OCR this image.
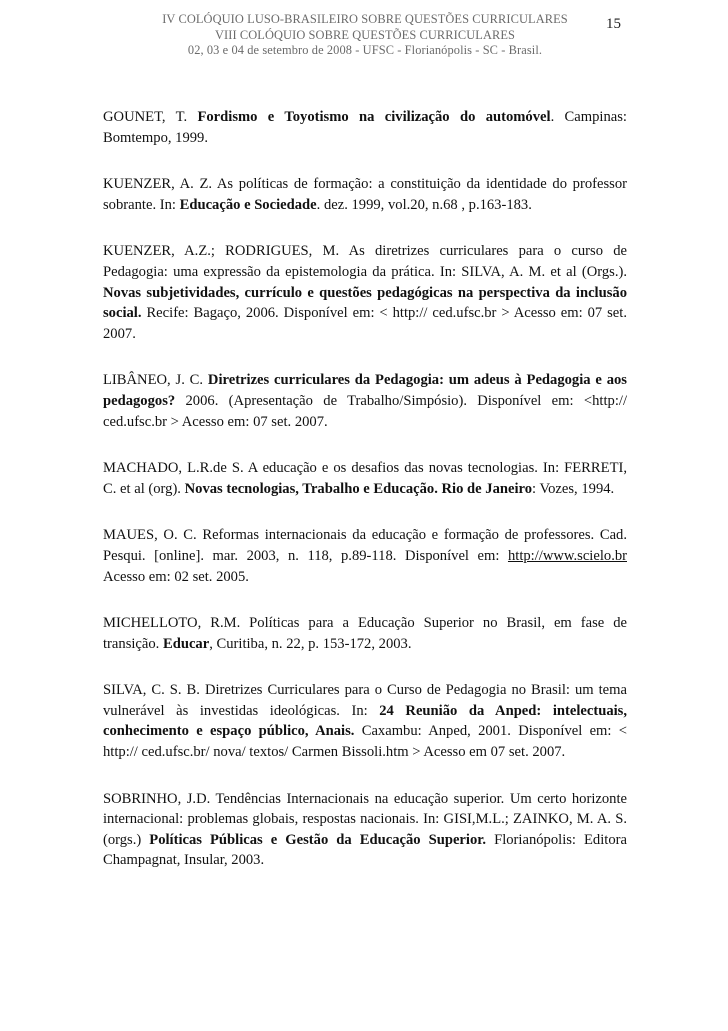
IV COLÓQUIO LUSO-BRASILEIRO SOBRE QUESTÕES CURRICULARES
VIII COLÓQUIO SOBRE QUESTÕES CURRICULARES
02, 03 e 04 de setembro de 2008 - UFSC - Florianópolis - SC - Brasil.
15

GOUNET, T. Fordismo e Toyotismo na civilização do automóvel. Campinas: Bomtempo, 1999.

KUENZER, A. Z. As políticas de formação: a constituição da identidade do professor sobrante. In: Educação e Sociedade. dez. 1999, vol.20, n.68 , p.163-183.

KUENZER, A.Z.; RODRIGUES, M. As diretrizes curriculares para o curso de Pedagogia: uma expressão da epistemologia da prática. In: SILVA, A. M. et al (Orgs.). Novas subjetividades, currículo e questões pedagógicas na perspectiva da inclusão social. Recife: Bagaço, 2006. Disponível em: < http:// ced.ufsc.br > Acesso em: 07 set. 2007.

LIBÂNEO, J. C. Diretrizes curriculares da Pedagogia: um adeus à Pedagogia e aos pedagogos? 2006. (Apresentação de Trabalho/Simpósio). Disponível em: <http:// ced.ufsc.br > Acesso em: 07 set. 2007.

MACHADO, L.R.de S. A educação e os desafios das novas tecnologias. In: FERRETI, C. et al (org). Novas tecnologias, Trabalho e Educação. Rio de Janeiro: Vozes, 1994.

MAUES, O. C. Reformas internacionais da educação e formação de professores. Cad. Pesqui. [online]. mar. 2003, n. 118, p.89-118. Disponível em: http://www.scielo.br Acesso em: 02 set. 2005.

MICHELLOTO, R.M. Políticas para a Educação Superior no Brasil, em fase de transição. Educar, Curitiba, n. 22, p. 153-172, 2003.

SILVA, C. S. B. Diretrizes Curriculares para o Curso de Pedagogia no Brasil: um tema vulnerável às investidas ideológicas. In: 24 Reunião da Anped: intelectuais, conhecimento e espaço público, Anais. Caxambu: Anped, 2001. Disponível em: < http:// ced.ufsc.br/ nova/ textos/ Carmen Bissoli.htm > Acesso em 07 set. 2007.

SOBRINHO, J.D. Tendências Internacionais na educação superior. Um certo horizonte internacional: problemas globais, respostas nacionais. In: GISI,M.L.; ZAINKO, M. A. S. (orgs.) Políticas Públicas e Gestão da Educação Superior. Florianópolis: Editora Champagnat, Insular, 2003.
